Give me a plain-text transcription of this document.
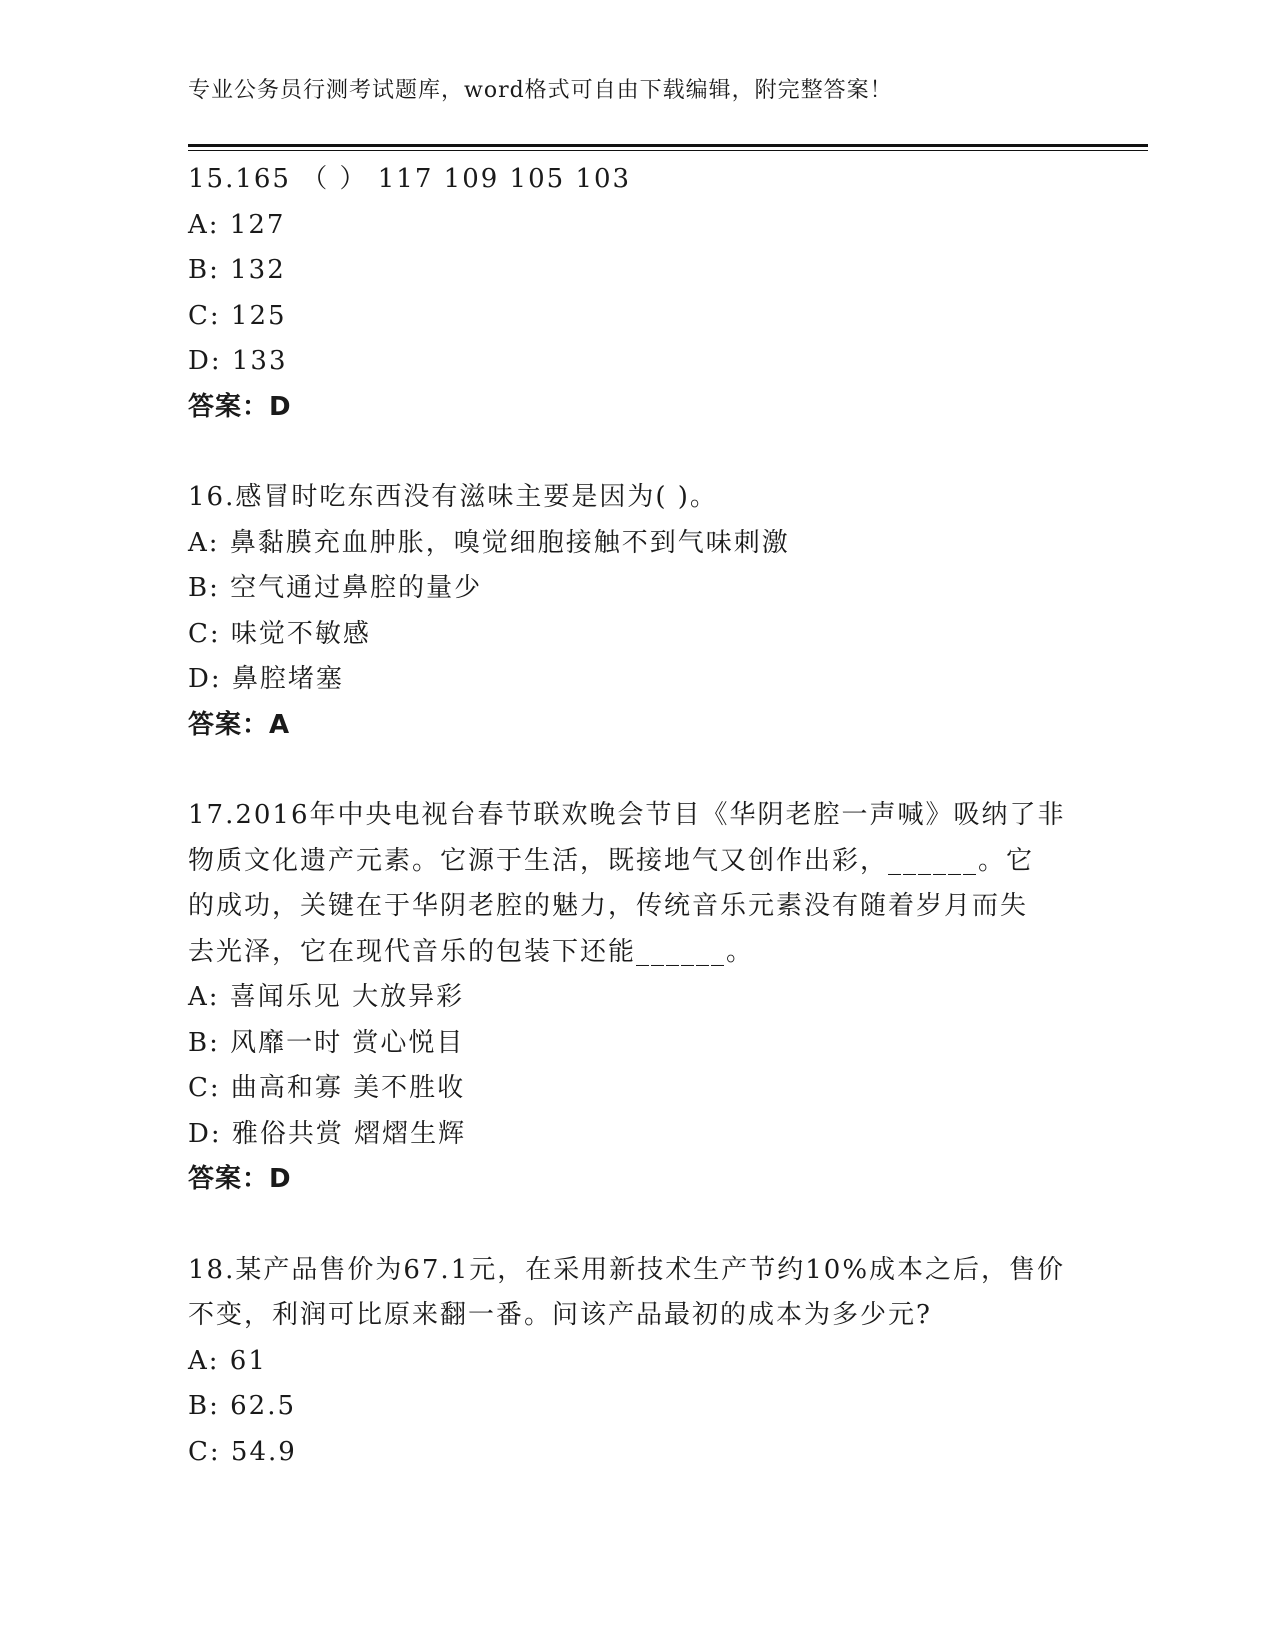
专业公务员行测考试题库，word格式可自由下载编辑，附完整答案！
15.165 （ ） 117 109 105 103
A: 127
B: 132
C: 125
D: 133
答案：D
16.感冒时吃东西没有滋味主要是因为( )。
A: 鼻黏膜充血肿胀，嗅觉细胞接触不到气味刺激
B: 空气通过鼻腔的量少
C: 味觉不敏感
D: 鼻腔堵塞
答案：A
17.2016年中央电视台春节联欢晚会节目《华阴老腔一声喊》吸纳了非
物质文化遗产元素。它源于生活，既接地气又创作出彩，______。它
的成功，关键在于华阴老腔的魅力，传统音乐元素没有随着岁月而失
去光泽，它在现代音乐的包装下还能______。
A: 喜闻乐见 大放异彩
B: 风靡一时 赏心悦目
C: 曲高和寡 美不胜收
D: 雅俗共赏 熠熠生辉
答案：D
18.某产品售价为67.1元，在采用新技术生产节约10%成本之后，售价
不变，利润可比原来翻一番。问该产品最初的成本为多少元?
A: 61
B: 62.5
C: 54.9
